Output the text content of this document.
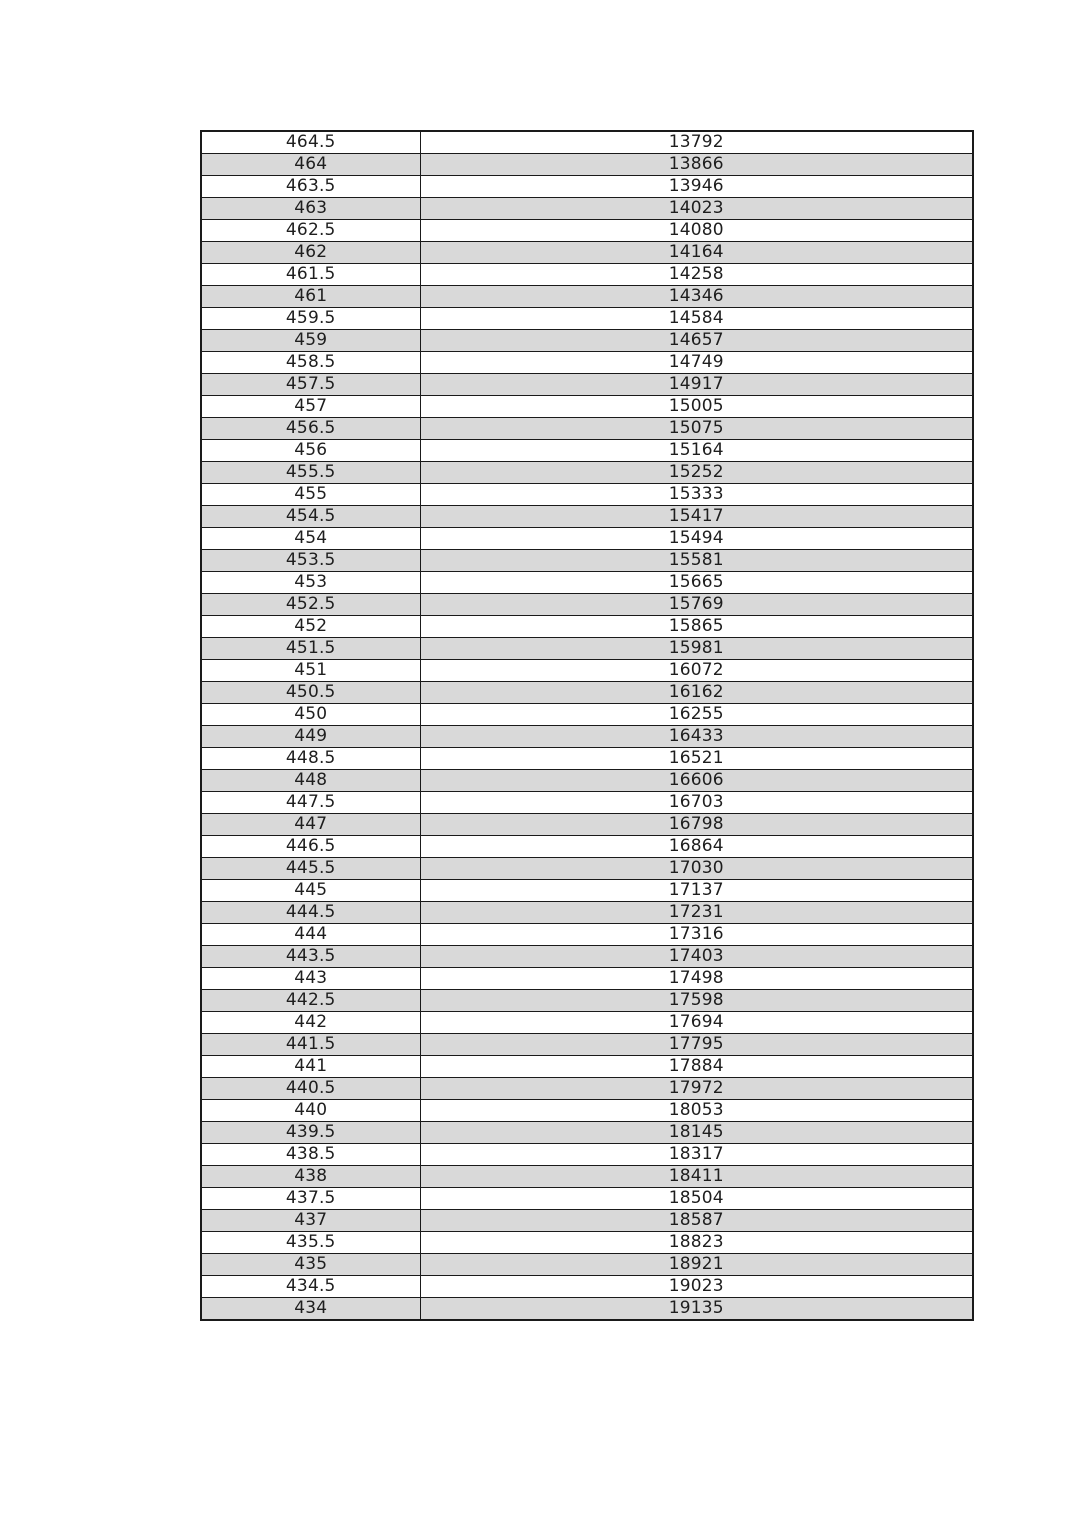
464.5	13792
464	13866
463.5	13946
463	14023
462.5	14080
462	14164
461.5	14258
461	14346
459.5	14584
459	14657
458.5	14749
457.5	14917
457	15005
456.5	15075
456	15164
455.5	15252
455	15333
454.5	15417
454	15494
453.5	15581
453	15665
452.5	15769
452	15865
451.5	15981
451	16072
450.5	16162
450	16255
449	16433
448.5	16521
448	16606
447.5	16703
447	16798
446.5	16864
445.5	17030
445	17137
444.5	17231
444	17316
443.5	17403
443	17498
442.5	17598
442	17694
441.5	17795
441	17884
440.5	17972
440	18053
439.5	18145
438.5	18317
438	18411
437.5	18504
437	18587
435.5	18823
435	18921
434.5	19023
434	19135
